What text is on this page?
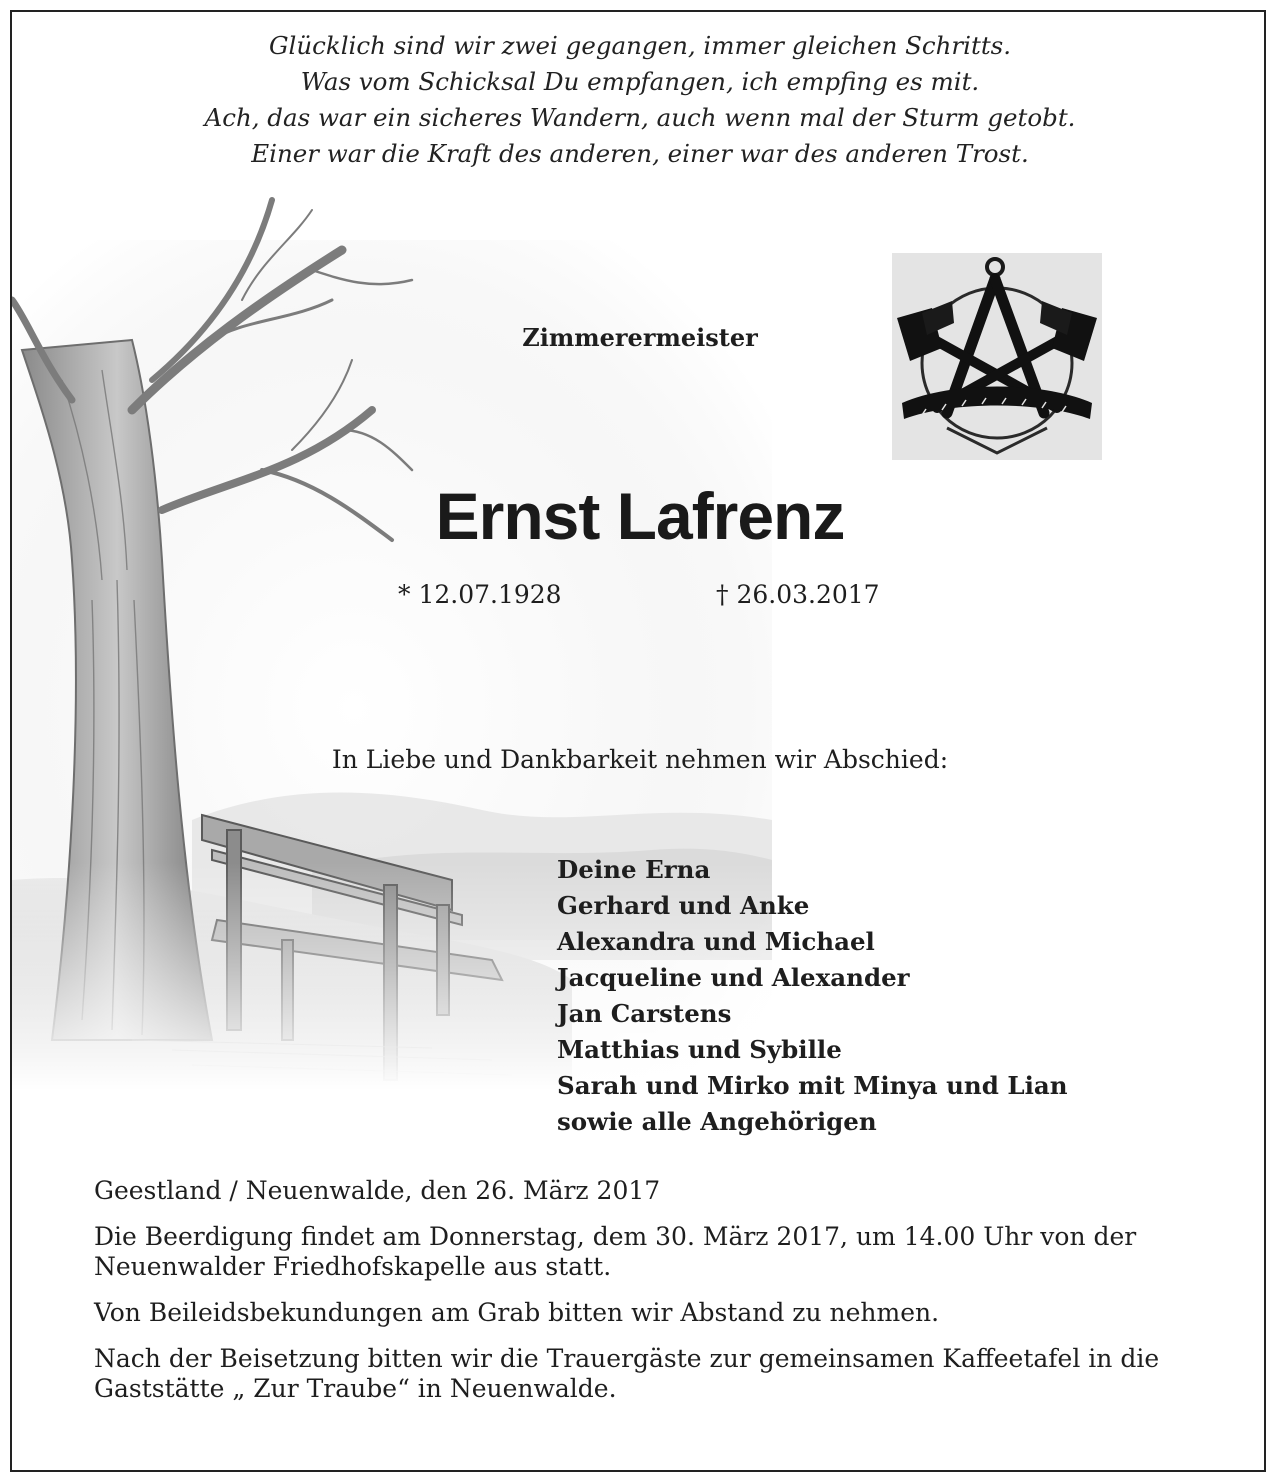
Glücklich sind wir zwei gegangen, immer gleichen Schritts.
Was vom Schicksal Du empfangen, ich empfing es mit.
Ach, das war ein sicheres Wandern, auch wenn mal der Sturm getobt.
Einer war die Kraft des anderen, einer war des anderen Trost.
Zimmerermeister
Ernst Lafrenz
* 12.07.1928	† 26.03.2017
In Liebe und Dankbarkeit nehmen wir Abschied:
Deine Erna
Gerhard und Anke
Alexandra und Michael
Jacqueline und Alexander
Jan Carstens
Matthias und Sybille
Sarah und Mirko mit Minya und Lian
sowie alle Angehörigen
Geestland / Neuenwalde, den 26. März 2017
Die Beerdigung findet am Donnerstag, dem 30. März 2017, um 14.00 Uhr von der Neuenwalder Friedhofskapelle aus statt.
Von Beileidsbekundungen am Grab bitten wir Abstand zu nehmen.
Nach der Beisetzung bitten wir die Trauergäste zur gemeinsamen Kaffeetafel in die Gaststätte „ Zur Traube“ in Neuenwalde.
